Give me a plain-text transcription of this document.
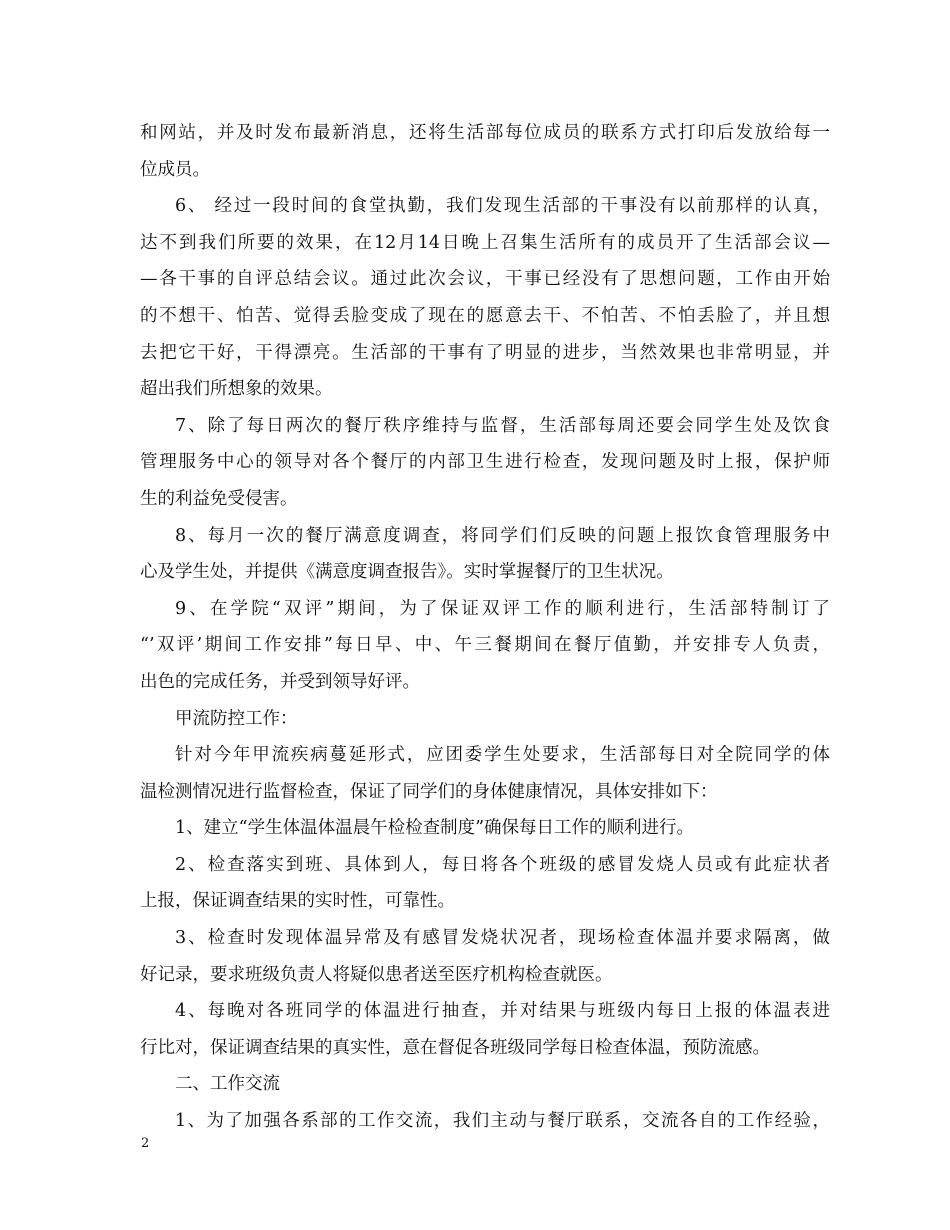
和网站，并及时发布最新消息，还将生活部每位成员的联系方式打印后发放给每一
位成员。
6、 经过一段时间的食堂执勤，我们发现生活部的干事没有以前那样的认真，
达不到我们所要的效果，在12月14日晚上召集生活所有的成员开了生活部会议—
—各干事的自评总结会议。通过此次会议，干事已经没有了思想问题，工作由开始
的不想干、怕苦、觉得丢脸变成了现在的愿意去干、不怕苦、不怕丢脸了，并且想
去把它干好，干得漂亮。生活部的干事有了明显的进步，当然效果也非常明显，并
超出我们所想象的效果。
7、除了每日两次的餐厅秩序维持与监督，生活部每周还要会同学生处及饮食
管理服务中心的领导对各个餐厅的内部卫生进行检查，发现问题及时上报，保护师
生的利益免受侵害。
8、每月一次的餐厅满意度调查，将同学们们反映的问题上报饮食管理服务中
心及学生处，并提供《满意度调查报告》。实时掌握餐厅的卫生状况。
9、在学院“双评”期间，为了保证双评工作的顺利进行，生活部特制订了
“’双评’期间工作安排”每日早、中、午三餐期间在餐厅值勤，并安排专人负责，
出色的完成任务，并受到领导好评。
甲流防控工作：
针对今年甲流疾病蔓延形式，应团委学生处要求，生活部每日对全院同学的体
温检测情况进行监督检查，保证了同学们的身体健康情况，具体安排如下：
1、建立“学生体温体温晨午检检查制度”确保每日工作的顺利进行。
2、检查落实到班、具体到人，每日将各个班级的感冒发烧人员或有此症状者
上报，保证调查结果的实时性，可靠性。
3、检查时发现体温异常及有感冒发烧状况者，现场检查体温并要求隔离，做
好记录，要求班级负责人将疑似患者送至医疗机构检查就医。
4、每晚对各班同学的体温进行抽查，并对结果与班级内每日上报的体温表进
行比对，保证调查结果的真实性，意在督促各班级同学每日检查体温，预防流感。
二、工作交流
1、为了加强各系部的工作交流，我们主动与餐厅联系，交流各自的工作经验，
2
